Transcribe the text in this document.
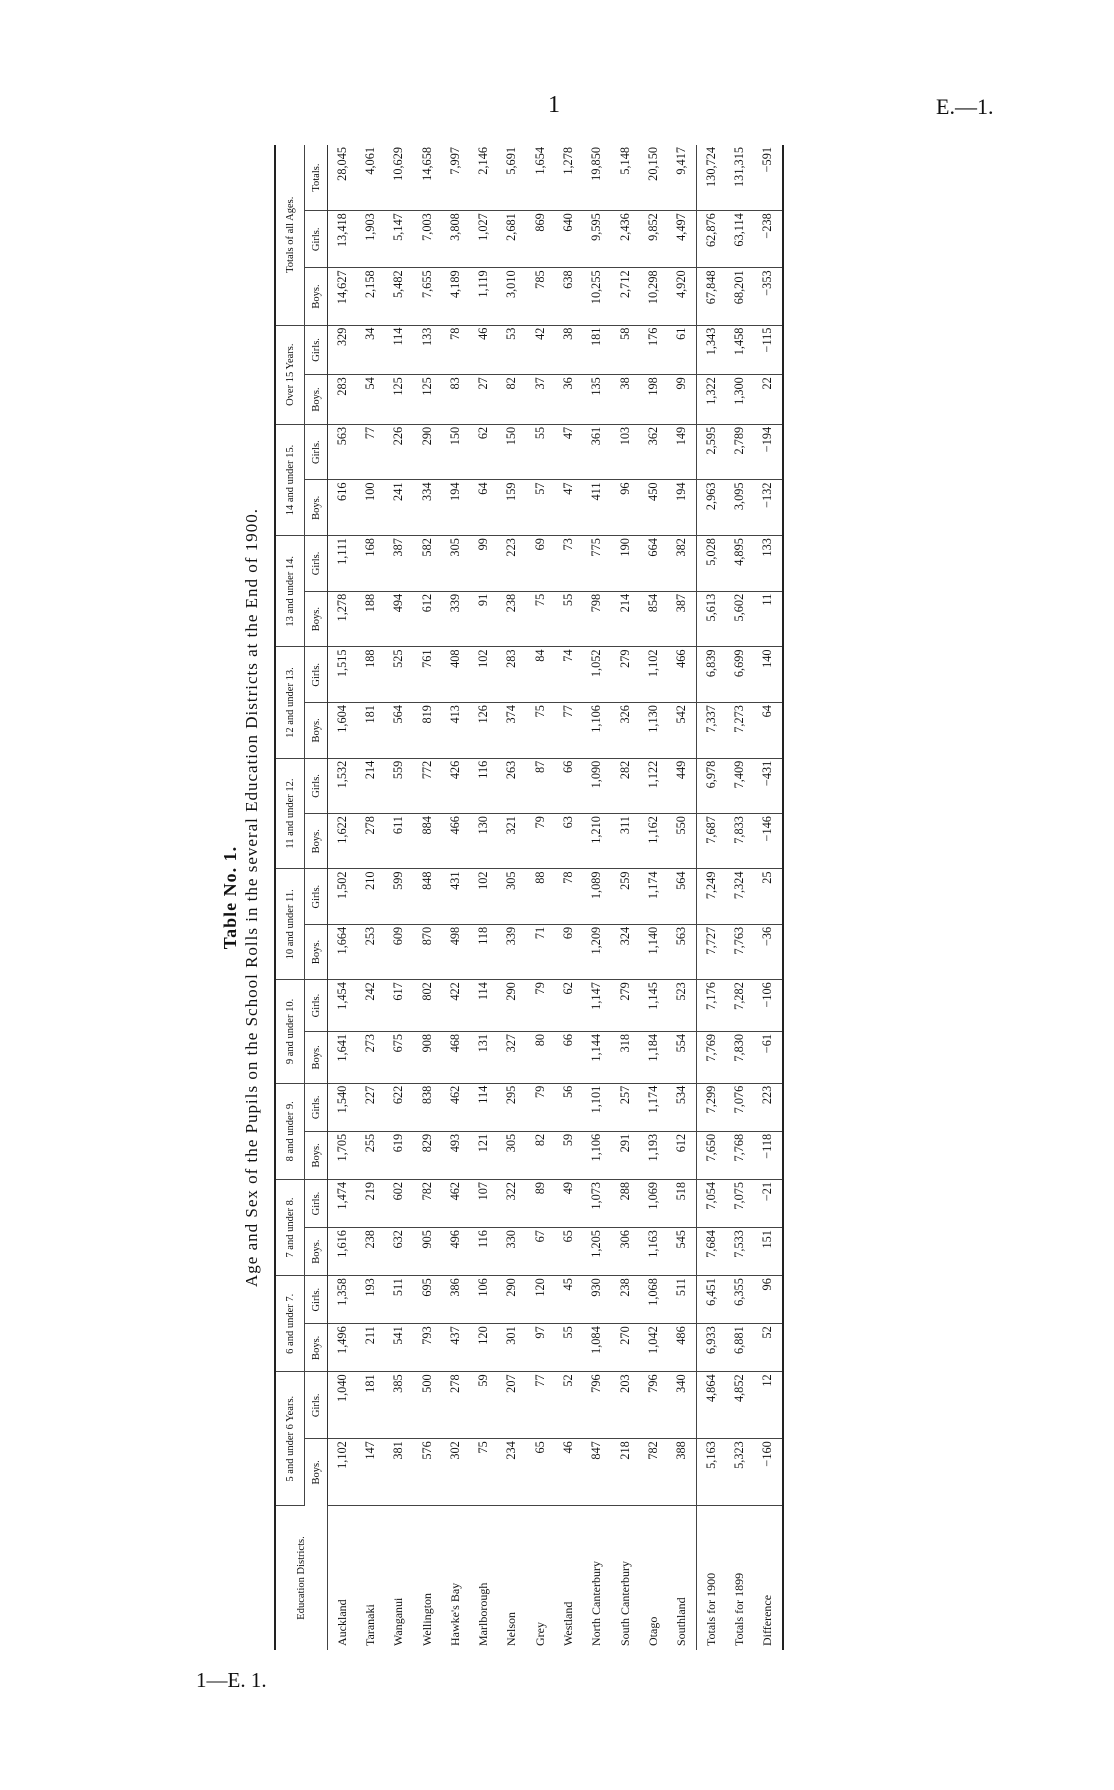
1	E.—1.
1—E. 1.
Table No. 1. Age and Sex of the Pupils on the School Rolls in the several Education Districts at the End of 1900.
Education Districts.	5 and under 6 Years.		6 and under 7.		7 and under 8.		8 and under 9.		9 and under 10.		10 and under 11.		11 and under 12.		12 and under 13.		13 and under 14.		14 and under 15.		Over 15 Years.		Totals of all Ages.		
	Boys.	Girls.	Boys.	Girls.	Boys.	Girls.	Boys.	Girls.	Boys.	Girls.	Boys.	Girls.	Boys.	Girls.	Boys.	Girls.	Boys.	Girls.	Boys.	Girls.	Boys.	Girls.	Boys.	Girls.	Totals.
Auckland	1,102	1,040	1,496	1,358	1,616	1,474	1,705	1,540	1,641	1,454	1,664	1,502	1,622	1,532	1,604	1,515	1,278	1,111	616	563	283	329	14,627	13,418	28,045
Taranaki	147	181	211	193	238	219	255	227	273	242	253	210	278	214	181	188	188	168	100	77	54	34	2,158	1,903	4,061
Wanganui	381	385	541	511	632	602	619	622	675	617	609	599	611	559	564	525	494	387	241	226	125	114	5,482	5,147	10,629
Wellington	576	500	793	695	905	782	829	838	908	802	870	848	884	772	819	761	612	582	334	290	125	133	7,655	7,003	14,658
Hawke's Bay	302	278	437	386	496	462	493	462	468	422	498	431	466	426	413	408	339	305	194	150	83	78	4,189	3,808	7,997
Marlborough	75	59	120	106	116	107	121	114	131	114	118	102	130	116	126	102	91	99	64	62	27	46	1,119	1,027	2,146
Nelson	234	207	301	290	330	322	305	295	327	290	339	305	321	263	374	283	238	223	159	150	82	53	3,010	2,681	5,691
Grey	65	77	97	120	67	89	82	79	80	79	71	88	79	87	75	84	75	69	57	55	37	42	785	869	1,654
Westland	46	52	55	45	65	49	59	56	66	62	69	78	63	66	77	74	55	73	47	47	36	38	638	640	1,278
North Canterbury	847	796	1,084	930	1,205	1,073	1,106	1,101	1,144	1,147	1,209	1,089	1,210	1,090	1,106	1,052	798	775	411	361	135	181	10,255	9,595	19,850
South Canterbury	218	203	270	238	306	288	291	257	318	279	324	259	311	282	326	279	214	190	96	103	38	58	2,712	2,436	5,148
Otago	782	796	1,042	1,068	1,163	1,069	1,193	1,174	1,184	1,145	1,140	1,174	1,162	1,122	1,130	1,102	854	664	450	362	198	176	10,298	9,852	20,150
Southland	388	340	486	511	545	518	612	534	554	523	563	564	550	449	542	466	387	382	194	149	99	61	4,920	4,497	9,417
Totals for 1900	5,163	4,864	6,933	6,451	7,684	7,054	7,650	7,299	7,769	7,176	7,727	7,249	7,687	6,978	7,337	6,839	5,613	5,028	2,963	2,595	1,322	1,343	67,848	62,876	130,724
Totals for 1899	5,323	4,852	6,881	6,355	7,533	7,075	7,768	7,076	7,830	7,282	7,763	7,324	7,833	7,409	7,273	6,699	5,602	4,895	3,095	2,789	1,300	1,458	68,201	63,114	131,315
Difference	−160	12	52	96	151	−21	−118	223	−61	−106	−36	25	−146	−431	64	140	11	133	−132	−194	22	−115	−353	−238	−591
